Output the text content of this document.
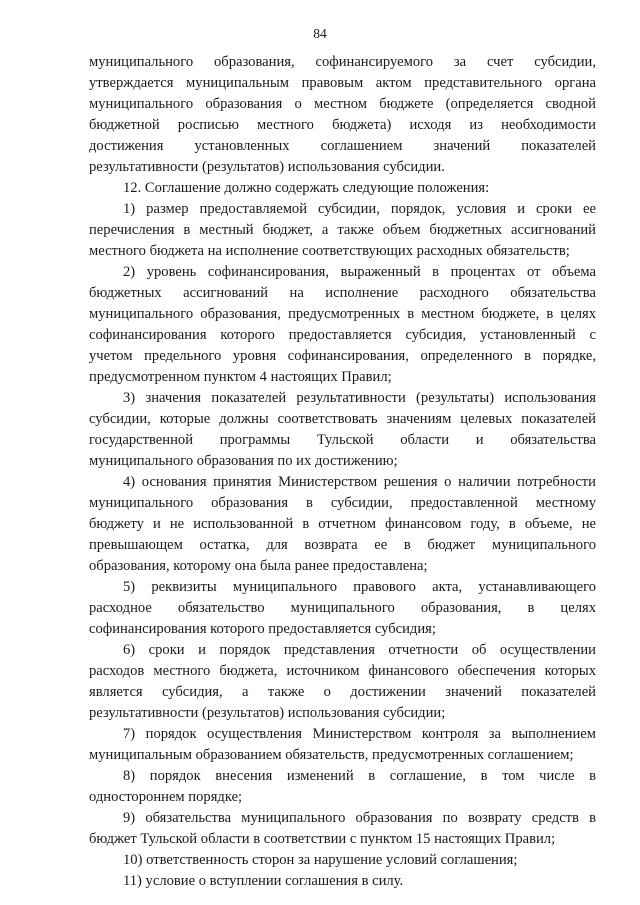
84
муниципального образования, софинансируемого за счет субсидии,
утверждается муниципальным правовым актом представительного органа
муниципального образования о местном бюджете (определяется сводной
бюджетной росписью местного бюджета) исходя из необходимости
достижения установленных соглашением значений показателей
результативности (результатов) использования субсидии.
12. Соглашение должно содержать следующие положения:
1) размер предоставляемой субсидии, порядок, условия и сроки ее
перечисления в местный бюджет, а также объем бюджетных ассигнований
местного бюджета на исполнение соответствующих расходных обязательств;
2) уровень софинансирования, выраженный в процентах от объема
бюджетных ассигнований на исполнение расходного обязательства
муниципального образования, предусмотренных в местном бюджете, в целях
софинансирования которого предоставляется субсидия, установленный с
учетом предельного уровня софинансирования, определенного в порядке,
предусмотренном пунктом 4 настоящих Правил;
3) значения показателей результативности (результаты) использования
субсидии, которые должны соответствовать значениям целевых показателей
государственной программы Тульской области и обязательства
муниципального образования по их достижению;
4) основания принятия Министерством решения о наличии потребности
муниципального образования в субсидии, предоставленной местному
бюджету и не использованной в отчетном финансовом году, в объеме, не
превышающем остатка, для возврата ее в бюджет муниципального
образования, которому она была ранее предоставлена;
5) реквизиты муниципального правового акта, устанавливающего
расходное обязательство муниципального образования, в целях
софинансирования которого предоставляется субсидия;
6) сроки и порядок представления отчетности об осуществлении
расходов местного бюджета, источником финансового обеспечения которых
является субсидия, а также о достижении значений показателей
результативности (результатов) использования субсидии;
7) порядок осуществления Министерством контроля за выполнением
муниципальным образованием обязательств, предусмотренных соглашением;
8) порядок внесения изменений в соглашение, в том числе в
одностороннем порядке;
9) обязательства муниципального образования по возврату средств в
бюджет Тульской области в соответствии с пунктом 15 настоящих Правил;
10) ответственность сторон за нарушение условий соглашения;
11) условие о вступлении соглашения в силу.
